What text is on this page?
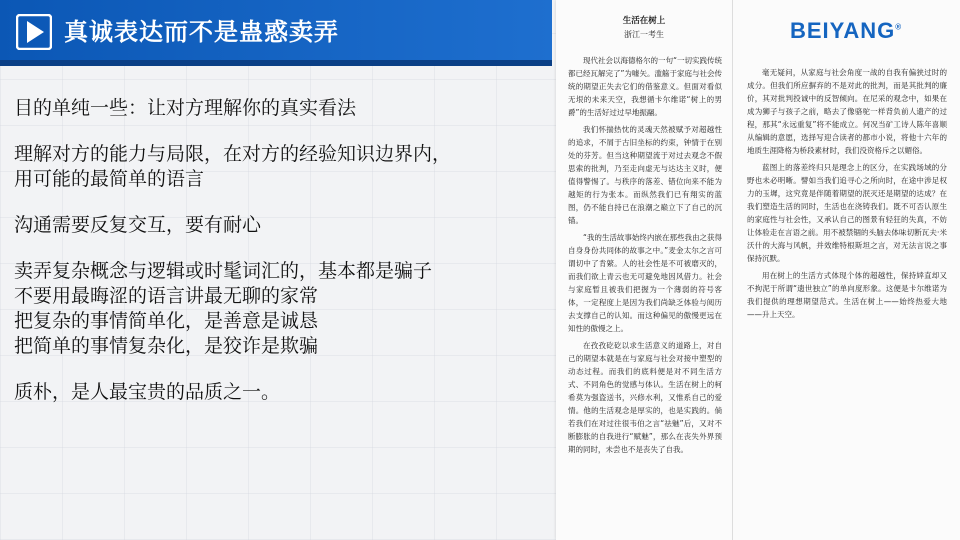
真诚表达而不是蛊惑卖弄
目的单纯一些：让对方理解你的真实看法
理解对方的能力与局限，在对方的经验知识边界内，
用可能的最简单的语言
沟通需要反复交互，要有耐心
卖弄复杂概念与逻辑或时髦词汇的，基本都是骗子
不要用最晦涩的语言讲最无聊的家常
把复杂的事情简单化，是善意是诚恳
把简单的事情复杂化，是狡诈是欺骗
质朴，是人最宝贵的品质之一。
生活在树上
浙江一考生

现代社会以海德格尔的一句“一切实践传统都已经瓦解完了”为噱矢。滥觞于家庭与社会传统的期望正失去它们的借鉴意义。但面对看似无垠的未来天空，我想循卡尔维诺“树上的男爵”的生活好过过早地振翮。

我们怀揣热忱的灵魂天然被赋予对超越性的追求，不屑于古旧坐标的约束，钟情于在别处的芬芳。但当这种期望流于对过去观念不假思索的批判，乃至走向虚无与达达主义时，便值得警惕了。与秩序的落差、错位向来不能为越矩的行为张本。而纵然我们已有翔实的蓝图，仍不能自持已在浪潮之巅立下了自己的沉锚。

“我的生活故事始终内嵌在那些我由之获得自身身份共同体的故事之中。”麦金太尔之言可谓切中了肯綮。人的社会性是不可被磨灭的，而我们欲上青云也无可避免地因风借力。社会与家庭暂且被我们把握为一个薄弱的符号客体，一定程度上是因为我们尚缺乏体验与阅历去支撑自己的认知。而这种偏见的傲慢更远在知性的傲慢之上。

在孜孜矻矻以求生活意义的道路上，对自己的期望本就是在与家庭与社会对接中塑型的动态过程。而我们的底料便是对不同生活方式、不同角色的觉感与体认。生活在树上的柯希莫为强盗送书，兴修水利，又惟系自己的爱情。他的生活观念是厚实的，也是实践的。倘若我们在对过往很韦伯之言“祛魅”后，又对不断膨胀的自我进行“赋魅”，那么在丧失外界预期的同时，未尝也不是丧失了自我。

毫无疑问，从家庭与社会角度一战的自我有偏狭过时的成分。但我们所应摒弃的不是对此的批判，而是其批判的廉价，其对批判投诚中的反智倾向。在尼采的观念中，如果在成为狮子与孩子之前，略去了像骆驼一样背负前人遗产的过程，那其“永远重复”将不能成立。何况当矿工诗人陈年喜顺从编辑的意愿，选择写迎合读者的都市小说，将他十六年的地质生涯降格为桥段素材时，我们没资格斥之以媚俗。

蓝图上的落差终归只是理念上的区分，在实践场域的分野也未必明晰。譬如当我们追寻心之所向时，在途中涉足权力的玉墀，这究竟是伴随着期望的泯灭还是期望的达成？在我们塑造生活的同时，生活也在浇铸我们。既不可否认原生的家庭性与社会性，又承认自己的图景有轻狂的失真，不妨让体验走在言语之前。用不被禁锢的头脑去体味切断瓦夫·米沃什的大海与风帆，并效维特根斯坦之言，对无法言说之事保持沉默。

用在树上的生活方式体现个体的超越性，保持婞直却又不拘泥于所谓“遗世独立”的单向度形象。这便是卡尔维诺为我们提供的理想期望范式。生活在树上——始终热爱大地——升上天空。

BEIYANG®
